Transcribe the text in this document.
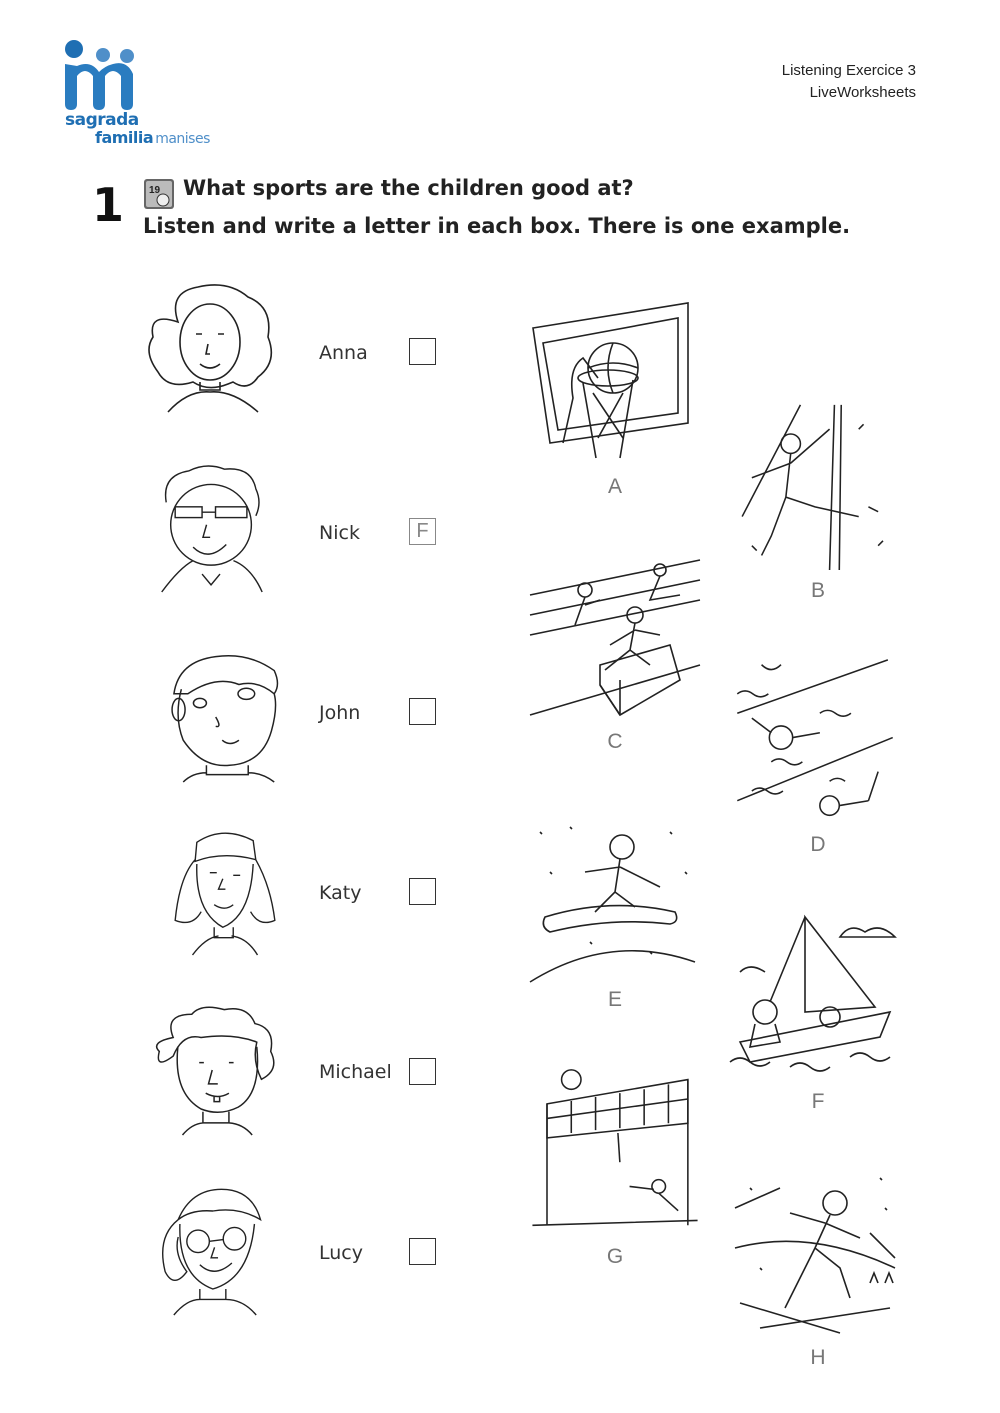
sagrada
familia manises
Listening Exercice 3
LiveWorksheets
1 19 What sports are the children good at?
Listen and write a letter in each box. There is one example.
Anna
Nick	F
John
Katy
Michael
Lucy
A
B
C
D
E
F
G
H
